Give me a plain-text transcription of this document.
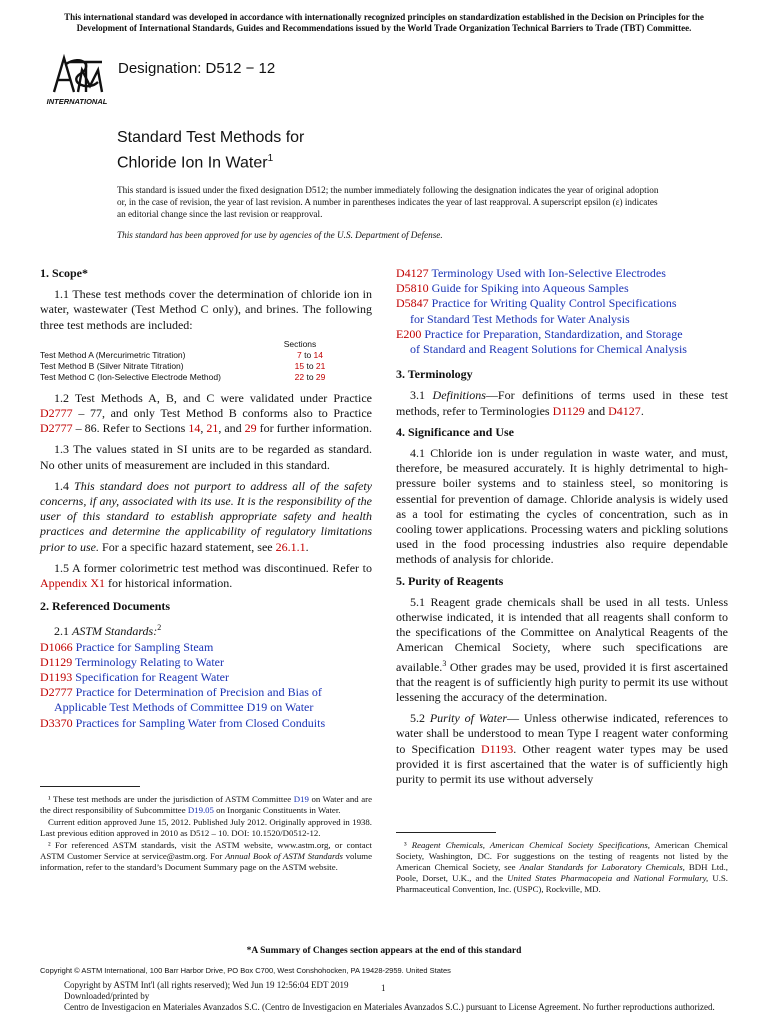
This international standard was developed in accordance with internationally recognized principles on standardization established in the Decision on Principles for the Development of International Standards, Guides and Recommendations issued by the World Trade Organization Technical Barriers to Trade (TBT) Committee.
INTERNATIONAL
Designation: D512 − 12
Standard Test Methods for
Chloride Ion In Water$^1$
This standard is issued under the fixed designation D512; the number immediately following the designation indicates the year of original adoption or, in the case of revision, the year of last revision. A number in parentheses indicates the year of last reapproval. A superscript epsilon (ε) indicates an editorial change since the last revision or reapproval.
This standard has been approved for use by agencies of the U.S. Department of Defense.
1. Scope*

1.1 These test methods cover the determination of chloride ion in water, wastewater (Test Method C only), and brines. The following three test methods are included:

	Sections
Test Method A (Mercurimetric Titration)	7 to 14
Test Method B (Silver Nitrate Titration)	15 to 21
Test Method C (Ion-Selective Electrode Method)	22 to 29

1.2 Test Methods A, B, and C were validated under Practice D2777 – 77, and only Test Method B conforms also to Practice D2777 – 86. Refer to Sections 14, 21, and 29 for further information.

1.3 The values stated in SI units are to be regarded as standard. No other units of measurement are included in this standard.

1.4 This standard does not purport to address all of the safety concerns, if any, associated with its use. It is the responsibility of the user of this standard to establish appropriate safety and health practices and determine the applicability of regulatory limitations prior to use. For a specific hazard statement, see 26.1.1.

1.5 A former colorimetric test method was discontinued. Refer to Appendix X1 for historical information.

2. Referenced Documents

2.1 ASTM Standards:$^2$

D1066 Practice for Sampling Steam
D1129 Terminology Relating to Water
D1193 Specification for Reagent Water
D2777 Practice for Determination of Precision and Bias of
Applicable Test Methods of Committee D19 on Water
D3370 Practices for Sampling Water from Closed Conduits
D4127 Terminology Used with Ion-Selective Electrodes
D5810 Guide for Spiking into Aqueous Samples
D5847 Practice for Writing Quality Control Specifications
for Standard Test Methods for Water Analysis
E200 Practice for Preparation, Standardization, and Storage
of Standard and Reagent Solutions for Chemical Analysis
3. Terminology

3.1 Definitions—For definitions of terms used in these test methods, refer to Terminologies D1129 and D4127.

4. Significance and Use

4.1 Chloride ion is under regulation in waste water, and must, therefore, be measured accurately. It is highly detrimental to high-pressure boiler systems and to stainless steel, so monitoring is essential for prevention of damage. Chloride analysis is widely used as a tool for estimating the cycles of concentration, such as in cooling tower applications. Processing waters and pickling solutions used in the food processing industries also require dependable methods of analysis for chloride.

5. Purity of Reagents

5.1 Reagent grade chemicals shall be used in all tests. Unless otherwise indicated, it is intended that all reagents shall conform to the specifications of the Committee on Analytical Reagents of the American Chemical Society, where such specifications are available.$^3$ Other grades may be used, provided it is first ascertained that the reagent is of sufficiently high purity to permit its use without lessening the accuracy of the determination.

5.2 Purity of Water— Unless otherwise indicated, references to water shall be understood to mean Type I reagent water conforming to Specification D1193. Other reagent water types may be used provided it is first ascertained that the water is of sufficiently high purity to permit its use without adversely

¹ These test methods are under the jurisdiction of ASTM Committee D19 on Water and are the direct responsibility of Subcommittee D19.05 on Inorganic Constituents in Water.

Current edition approved June 15, 2012. Published July 2012. Originally approved in 1938. Last previous edition approved in 2010 as D512 – 10. DOI: 10.1520/D0512-12.

² For referenced ASTM standards, visit the ASTM website, www.astm.org, or contact ASTM Customer Service at service@astm.org. For Annual Book of ASTM Standards volume information, refer to the standard’s Document Summary page on the ASTM website.

³ Reagent Chemicals, American Chemical Society Specifications, American Chemical Society, Washington, DC. For suggestions on the testing of reagents not listed by the American Chemical Society, see Analar Standards for Laboratory Chemicals, BDH Ltd., Poole, Dorset, U.K., and the United States Pharmacopeia and National Formulary, U.S. Pharmaceutical Convention, Inc. (USPC), Rockville, MD.

*A Summary of Changes section appears at the end of this standard
Copyright © ASTM International, 100 Barr Harbor Drive, PO Box C700, West Conshohocken, PA 19428-2959. United States
Copyright by ASTM Int'l (all rights reserved); Wed Jun 19 12:56:04 EDT 2019
Downloaded/printed by
Centro de Investigacion en Materiales Avanzados S.C. (Centro de Investigacion en Materiales Avanzados S.C.) pursuant to License Agreement. No further reproductions authorized.
1
